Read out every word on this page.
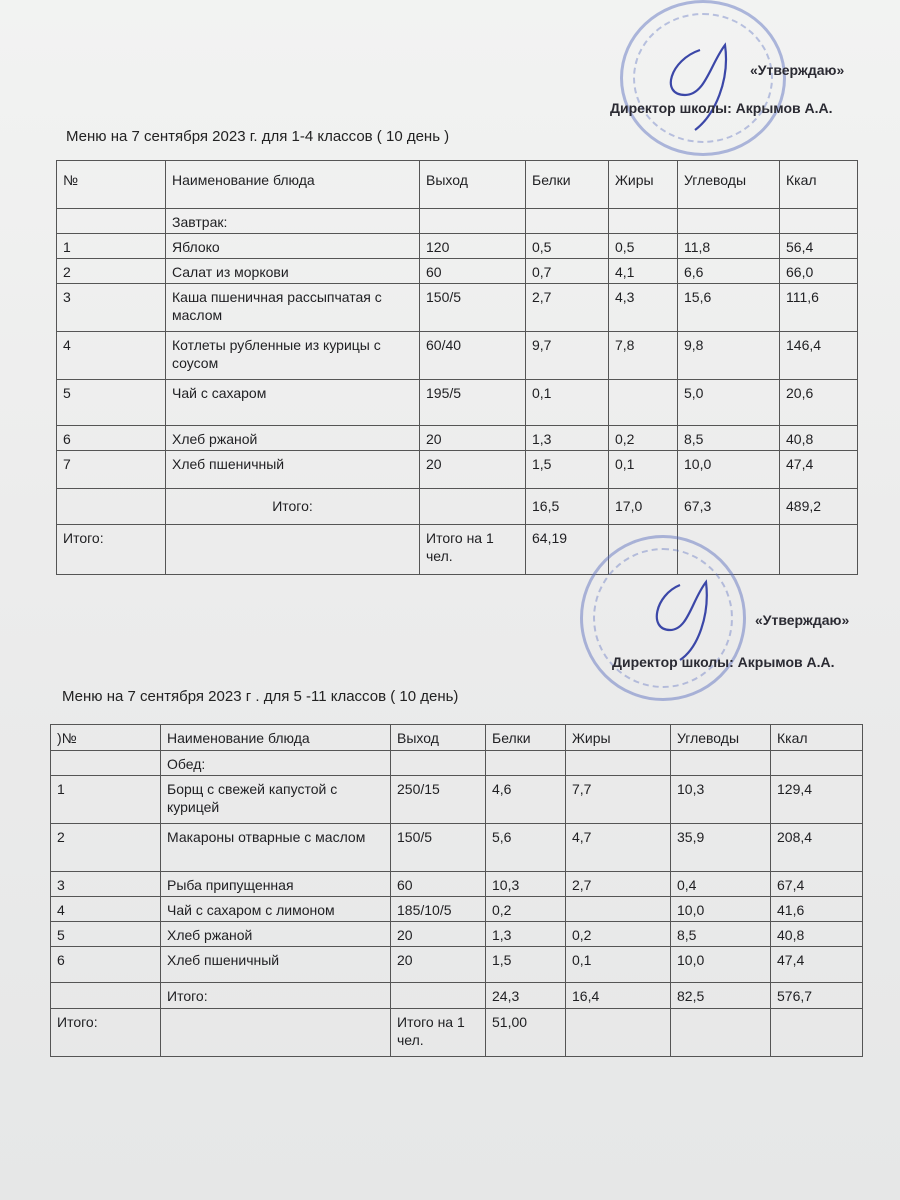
«Утверждаю»
Директор школы: Акрымов А.А.
Меню на 7 сентября 2023 г. для 1-4 классов ( 10 день )
№	Наименование блюда	Выход	Белки	Жиры	Углеводы	Ккал
	Завтрак:					
1	Яблоко	120	0,5	0,5	11,8	56,4
2	Салат из моркови	60	0,7	4,1	6,6	66,0
3	Каша пшеничная рассыпчатая с маслом	150/5	2,7	4,3	15,6	111,6
4	Котлеты рубленные из курицы с соусом	60/40	9,7	7,8	9,8	146,4
5	Чай с сахаром	195/5	0,1		5,0	20,6
6	Хлеб ржаной	20	1,3	0,2	8,5	40,8
7	Хлеб пшеничный	20	1,5	0,1	10,0	47,4
	Итого:		16,5	17,0	67,3	489,2
Итого:		Итого на 1 чел.	64,19			
«Утверждаю»
Директор школы: Акрымов А.А.
Меню на 7 сентября 2023 г . для 5 -11 классов ( 10 день)
)№	Наименование блюда	Выход	Белки	Жиры	Углеводы	Ккал
	Обед:					
1	Борщ с свежей капустой с курицей	250/15	4,6	7,7	10,3	129,4
2	Макароны отварные с маслом	150/5	5,6	4,7	35,9	208,4
3	Рыба припущенная	60	10,3	2,7	0,4	67,4
4	Чай с сахаром с лимоном	185/10/5	0,2		10,0	41,6
5	Хлеб ржаной	20	1,3	0,2	8,5	40,8
6	Хлеб пшеничный	20	1,5	0,1	10,0	47,4
	Итого:		24,3	16,4	82,5	576,7
Итого:		Итого на 1 чел.	51,00			
